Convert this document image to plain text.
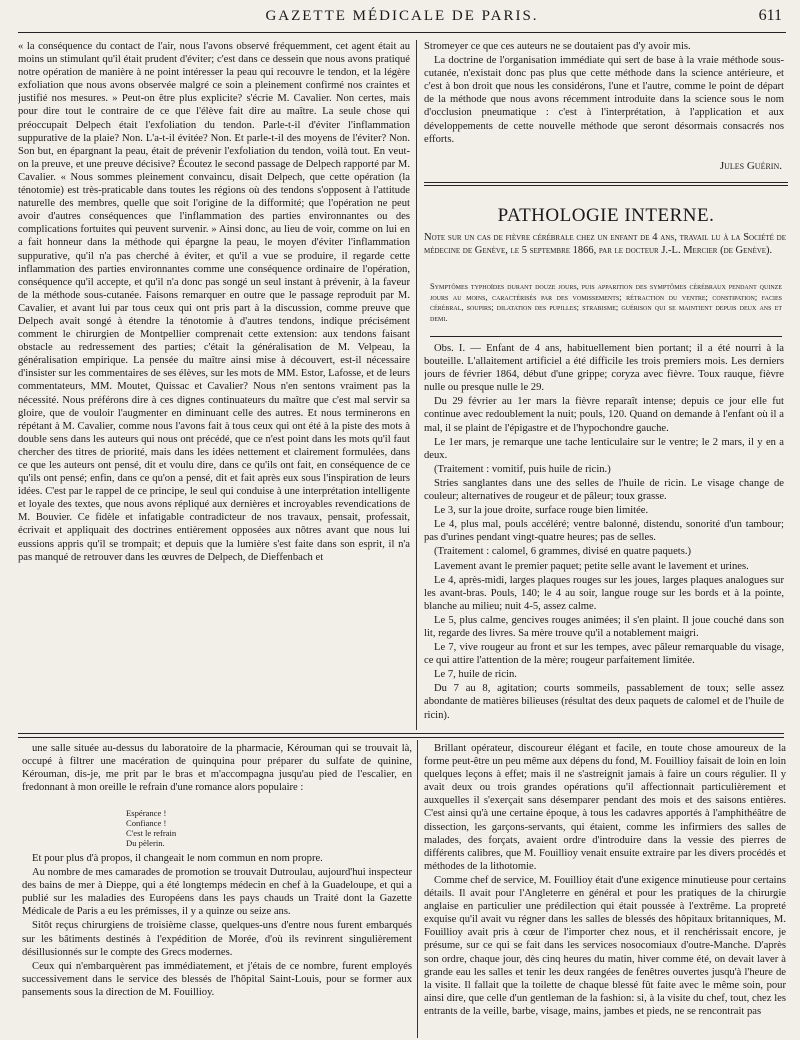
GAZETTE MÉDICALE DE PARIS.	611

« la conséquence du contact de l'air, nous l'avons observé fréquemment, cet agent était au moins un stimulant qu'il était prudent d'éviter; c'est dans ce dessein que nous avons pratiqué notre opération de manière à ne point intéresser la peau qui recouvre le tendon, et la légère exfoliation que nous avons observée malgré ce soin a pleinement confirmé nos craintes et justifié nos mesures. » Peut-on être plus explicite? s'écrie M. Cavalier. Non certes, mais pour dire tout le contraire de ce que l'élève fait dire au maître. La seule chose qui préoccupait Delpech était l'exfoliation du tendon. Parle-t-il d'éviter l'inflammation suppurative de la plaie? Non. L'a-t-il évitée? Non. Et parle-t-il des moyens de l'éviter? Non. Son but, en épargnant la peau, était de prévenir l'exfoliation du tendon, voilà tout. En veut-on la preuve, et une preuve décisive? Écoutez le second passage de Delpech rapporté par M. Cavalier. « Nous sommes pleinement convaincu, disait Delpech, que cette opération (la ténotomie) est très-praticable dans toutes les régions où des tendons s'opposent à l'attitude naturelle des membres, quelle que soit l'origine de la difformité; que l'opération ne peut avoir d'autres conséquences que l'inflammation des parties environnantes ou des complications fortuites qui peuvent survenir. » Ainsi donc, au lieu de voir, comme on lui en a fait honneur dans la méthode qui épargne la peau, le moyen d'éviter l'inflammation suppurative, qu'il n'a pas cherché à éviter, et qu'il a vue se produire, il regarde cette inflammation des parties environnantes comme une conséquence ordinaire de l'opération, conséquence qu'il accepte, et qu'il n'a donc pas songé un seul instant à prévenir, à la faveur de la méthode sous-cutanée. Faisons remarquer en outre que le passage reproduit par M. Cavalier, et avant lui par tous ceux qui ont pris part à la discussion, comme preuve que Delpech avait songé à étendre la ténotomie à d'autres tendons, indique précisément comment le chirurgien de Montpellier comprenait cette extension: aux tendons faisant obstacle au redressement des parties; c'était la généralisation de M. Velpeau, la généralisation empirique. La pensée du maître ainsi mise à découvert, est-il nécessaire d'insister sur les commentaires de ses élèves, sur les mots de MM. Estor, Lafosse, et de leurs commentateurs, MM. Moutet, Quissac et Cavalier? Nous n'en sentons vraiment pas la nécessité. Nous préférons dire à ces dignes continuateurs du maître que c'est mal servir sa gloire, que de vouloir l'augmenter en diminuant celle des autres. Et nous terminerons en répétant à M. Cavalier, comme nous l'avons fait à tous ceux qui ont été à la piste des mots à double sens dans les auteurs qui nous ont précédé, que ce n'est point dans les mots qu'il faut chercher des titres de priorité, mais dans les idées nettement et clairement formulées, dans ce que les auteurs ont pensé, dit et voulu dire, dans ce qu'ils ont fait, en conséquence de ce qu'ils ont pensé; enfin, dans ce qu'on a pensé, dit et fait après eux sous l'inspiration de leurs idées. C'est par le rappel de ce principe, le seul qui conduise à une interprétation intelligente et loyale des textes, que nous avons répliqué aux dernières et incroyables revendications de M. Bouvier. Ce fidèle et infatigable contradicteur de nos travaux, pensait, professait, écrivait et appliquait des doctrines entièrement opposées aux nôtres avant que nous lui eussions appris qu'il se trompait; et depuis que la lumière s'est faite dans son esprit, il n'a pas manqué de retrouver dans les œuvres de Delpech, de Dieffenbach et

Stromeyer ce que ces auteurs ne se doutaient pas d'y avoir mis.

La doctrine de l'organisation immédiate qui sert de base à la vraie méthode sous-cutanée, n'existait donc pas plus que cette méthode dans la science antérieure, et c'est à bon droit que nous les considérons, l'une et l'autre, comme le point de départ de la méthode que nous avons récemment introduite dans la science sous le nom d'occlusion pneumatique : c'est à l'interprétation, à l'application et aux développements de cette nouvelle méthode que seront désormais consacrés nos efforts.

Jules Guérin.
PATHOLOGIE INTERNE.
Note sur un cas de fièvre cérébrale chez un enfant de 4 ans, travail lu à la Société de médecine de Genève, le 5 septembre 1866, par le docteur J.-L. Mercier (de Genève).
Symptômes typhoïdes durant douze jours, puis apparition des symptômes cérébraux pendant quinze jours au moins, caractérisés par des vomissements; rétraction du ventre; constipation; facies cérébral, soupirs; dilatation des pupilles; strabisme; guérison qui se maintient depuis deux ans et demi.

Obs. I. — Enfant de 4 ans, habituellement bien portant; il a été nourri à la bouteille. L'allaitement artificiel a été difficile les trois premiers mois. Les derniers jours de février 1864, début d'une grippe; coryza avec fièvre. Toux rauque, fièvre nulle ou presque nulle le 29.

Du 29 février au 1er mars la fièvre reparaît intense; depuis ce jour elle fut continue avec redoublement la nuit; pouls, 120. Quand on demande à l'enfant où il a mal, il se plaint de l'épigastre et de l'hypochondre gauche.

Le 1er mars, je remarque une tache lenticulaire sur le ventre; le 2 mars, il y en a deux.

(Traitement : vomitif, puis huile de ricin.)

Stries sanglantes dans une des selles de l'huile de ricin. Le visage change de couleur; alternatives de rougeur et de pâleur; toux grasse.

Le 3, sur la joue droite, surface rouge bien limitée.

Le 4, plus mal, pouls accéléré; ventre balonné, distendu, sonorité d'un tambour; pas d'urines pendant vingt-quatre heures; pas de selles.

(Traitement : calomel, 6 grammes, divisé en quatre paquets.)

Lavement avant le premier paquet; petite selle avant le lavement et urines.

Le 4, après-midi, larges plaques rouges sur les joues, larges plaques analogues sur les avant-bras. Pouls, 140; le 4 au soir, langue rouge sur les bords et à la pointe, blanche au milieu; nuit 4-5, assez calme.

Le 5, plus calme, gencives rouges animées; il s'en plaint. Il joue couché dans son lit, regarde des livres. Sa mère trouve qu'il a notablement maigri.

Le 7, vive rougeur au front et sur les tempes, avec pâleur remarquable du visage, ce qui attire l'attention de la mère; rougeur parfaitement limitée.

Le 7, huile de ricin.

Du 7 au 8, agitation; courts sommeils, passablement de toux; selle assez abondante de matières bilieuses (résultat des deux paquets de calomel et de l'huile de ricin).

une salle située au-dessus du laboratoire de la pharmacie, Kérouman qui se trouvait là, occupé à filtrer une macération de quinquina pour préparer du sulfate de quinine, Kérouman, dis-je, me prit par le bras et m'accompagna jusqu'au pied de l'escalier, en fredonnant à mon oreille le refrain d'une romance alors populaire :

Espérance !
Confiance !
C'est le refrain
Du pèlerin.

Et pour plus d'à propos, il changeait le nom commun en nom propre.

Au nombre de mes camarades de promotion se trouvait Dutroulau, aujourd'hui inspecteur des bains de mer à Dieppe, qui a été longtemps médecin en chef à la Guadeloupe, et qui a publié sur les maladies des Européens dans les pays chauds un Traité dont la Gazette Médicale de Paris a eu les prémisses, il y a quinze ou seize ans.

Sitôt reçus chirurgiens de troisième classe, quelques-uns d'entre nous furent embarqués sur les bâtiments destinés à l'expédition de Morée, d'où ils revinrent singulièrement désillusionnés sur le compte des Grecs modernes.

Ceux qui n'embarquèrent pas immédiatement, et j'étais de ce nombre, furent employés successivement dans le service des blessés de l'hôpital Saint-Louis, pour se former aux pansements sous la direction de M. Fouillioy.

Brillant opérateur, discoureur élégant et facile, en toute chose amoureux de la forme peut-être un peu même aux dépens du fond, M. Fouillioy faisait de loin en loin quelques leçons à effet; mais il ne s'astreignit jamais à faire un cours régulier. Il y avait deux ou trois grandes opérations qu'il affectionnait particulièrement et auxquelles il s'exerçait sans désemparer pendant des mois et des saisons entières. C'est ainsi qu'à une certaine époque, à tous les cadavres apportés à l'amphithéâtre de dissection, les garçons-servants, qui étaient, comme les infirmiers des salles de malades, des forçats, avaient ordre d'introduire dans la vessie des pierres de différents calibres, que M. Fouillioy venait ensuite extraire par les divers procédés et méthodes de la lithotomie.

Comme chef de service, M. Fouillioy était d'une exigence minutieuse pour certains détails. Il avait pour l'Angleterre en général et pour les pratiques de la chirurgie anglaise en particulier une prédilection qui était poussée à l'extrême. La propreté exquise qu'il avait vu régner dans les salles de blessés des hôpitaux britanniques, M. Fouillioy avait pris à cœur de l'importer chez nous, et il renchérissait encore, je présume, sur ce qui se fait dans les services nosocomiaux d'outre-Manche. D'après son ordre, chaque jour, dès cinq heures du matin, hiver comme été, on devait laver à grande eau les salles et tenir les deux rangées de fenêtres ouvertes jusqu'à l'heure de la visite. Il fallait que la toilette de chaque blessé fût faite avec le même soin, pour ainsi dire, que celle d'un gentleman de la fashion: si, à la visite du chef, tout, chez les entrants de la veille, barbe, visage, mains, jambes et pieds, ne se rencontrait pas
